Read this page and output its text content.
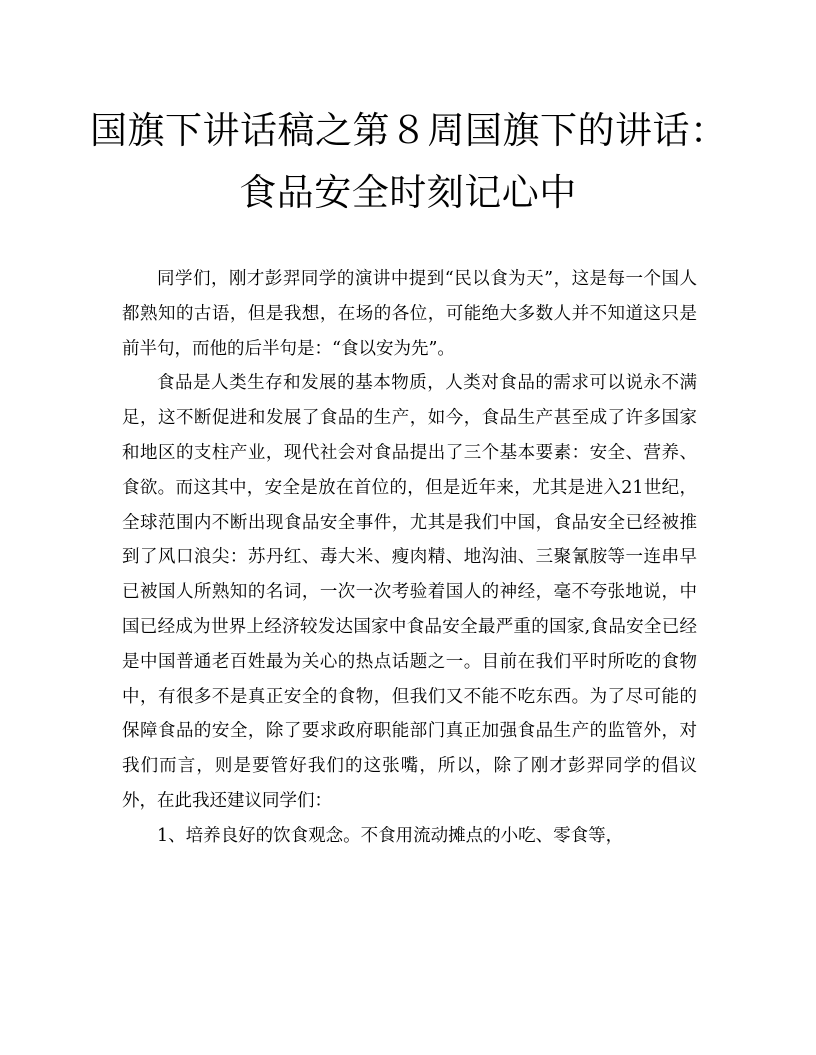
国旗下讲话稿之第８周国旗下的讲话：
食品安全时刻记心中

同学们，刚才彭羿同学的演讲中提到“民以食为天”，这是每一个国人都熟知的古语，但是我想，在场的各位，可能绝大多数人并不知道这只是前半句，而他的后半句是：“食以安为先”。

食品是人类生存和发展的基本物质，人类对食品的需求可以说永不满足，这不断促进和发展了食品的生产，如今，食品生产甚至成了许多国家和地区的支柱产业，现代社会对食品提出了三个基本要素：安全、营养、食欲。而这其中，安全是放在首位的，但是近年来，尤其是进入21世纪，全球范围内不断出现食品安全事件，尤其是我们中国，食品安全已经被推到了风口浪尖：苏丹红、毒大米、瘦肉精、地沟油、三聚氰胺等一连串早已被国人所熟知的名词，一次一次考验着国人的神经，毫不夸张地说，中国已经成为世界上经济较发达国家中食品安全最严重的国家,食品安全已经是中国普通老百姓最为关心的热点话题之一。目前在我们平时所吃的食物中，有很多不是真正安全的食物，但我们又不能不吃东西。为了尽可能的保障食品的安全，除了要求政府职能部门真正加强食品生产的监管外，对我们而言，则是要管好我们的这张嘴，所以，除了刚才彭羿同学的倡议外，在此我还建议同学们：

1、培养良好的饮食观念。不食用流动摊点的小吃、零食等，
